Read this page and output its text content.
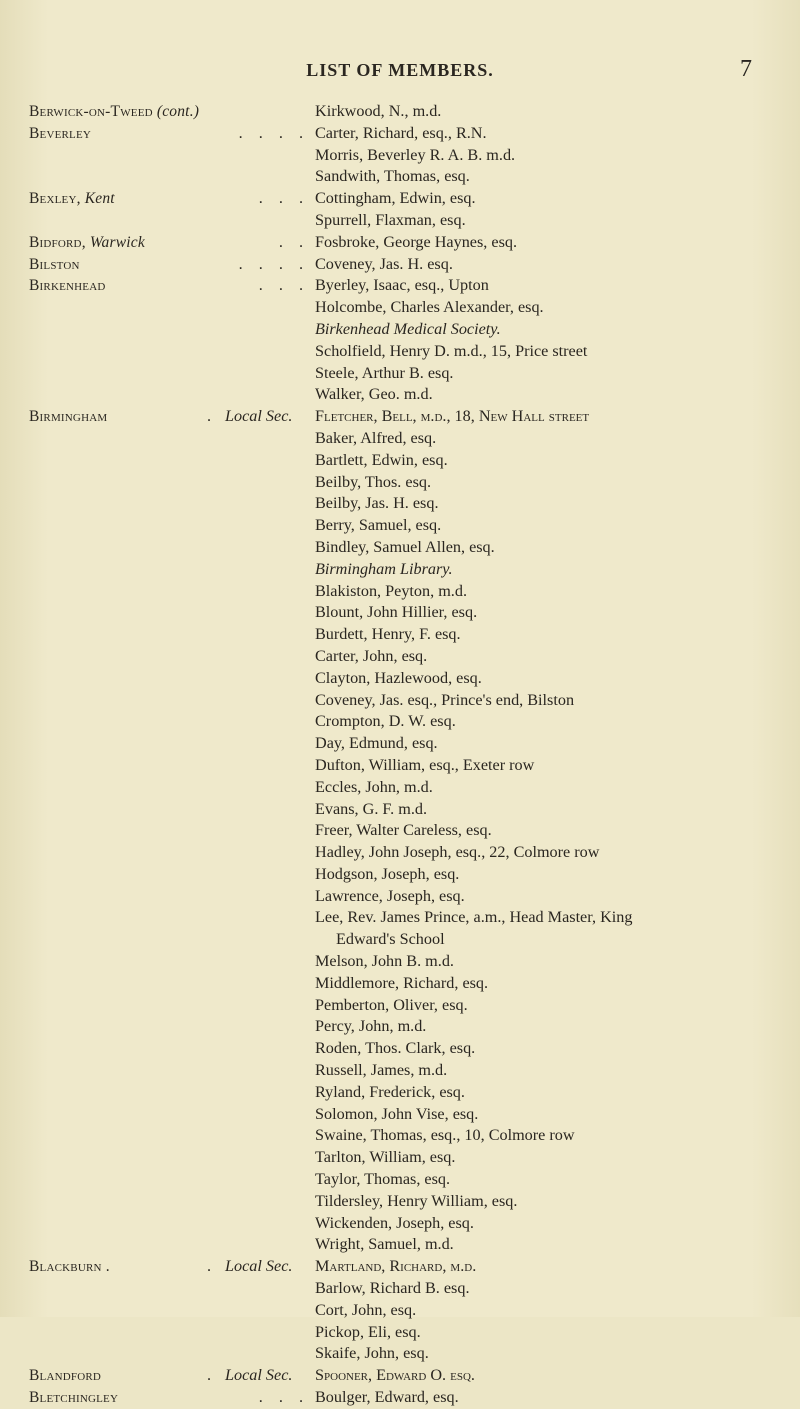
LIST OF MEMBERS.	7
Berwick-on-Tweed (cont.)	Kirkwood, N., m.d.
Beverley	. . . . Carter, Richard, esq., R.N.
Morris, Beverley R. A. B. m.d.
Sandwith, Thomas, esq.
Bexley, Kent	. . . Cottingham, Edwin, esq.
Spurrell, Flaxman, esq.
Bidford, Warwick	. . Fosbroke, George Haynes, esq.
Bilston	. . . . Coveney, Jas. H. esq.
Birkenhead	. . . Byerley, Isaac, esq., Upton
Holcombe, Charles Alexander, esq.
Birkenhead Medical Society.
Scholfield, Henry D. m.d., 15, Price street
Steele, Arthur B. esq.
Walker, Geo. m.d.
Birmingham	. Local Sec. Fletcher, Bell, m.d., 18, New Hall street
Baker, Alfred, esq.
Bartlett, Edwin, esq.
Beilby, Thos. esq.
Beilby, Jas. H. esq.
Berry, Samuel, esq.
Bindley, Samuel Allen, esq.
Birmingham Library.
Blakiston, Peyton, m.d.
Blount, John Hillier, esq.
Burdett, Henry, F. esq.
Carter, John, esq.
Clayton, Hazlewood, esq.
Coveney, Jas. esq., Prince's end, Bilston
Crompton, D. W. esq.
Day, Edmund, esq.
Dufton, William, esq., Exeter row
Eccles, John, m.d.
Evans, G. F. m.d.
Freer, Walter Careless, esq.
Hadley, John Joseph, esq., 22, Colmore row
Hodgson, Joseph, esq.
Lawrence, Joseph, esq.
Lee, Rev. James Prince, a.m., Head Master, King
Edward's School
Melson, John B. m.d.
Middlemore, Richard, esq.
Pemberton, Oliver, esq.
Percy, John, m.d.
Roden, Thos. Clark, esq.
Russell, James, m.d.
Ryland, Frederick, esq.
Solomon, John Vise, esq.
Swaine, Thomas, esq., 10, Colmore row
Tarlton, William, esq.
Taylor, Thomas, esq.
Tildersley, Henry William, esq.
Wickenden, Joseph, esq.
Wright, Samuel, m.d.
Blackburn .	. Local Sec. Martland, Richard, m.d.
Barlow, Richard B. esq.
Cort, John, esq.
Pickop, Eli, esq.
Skaife, John, esq.
Blandford	. Local Sec. Spooner, Edward O. esq.
Bletchingley	. . . Boulger, Edward, esq.
